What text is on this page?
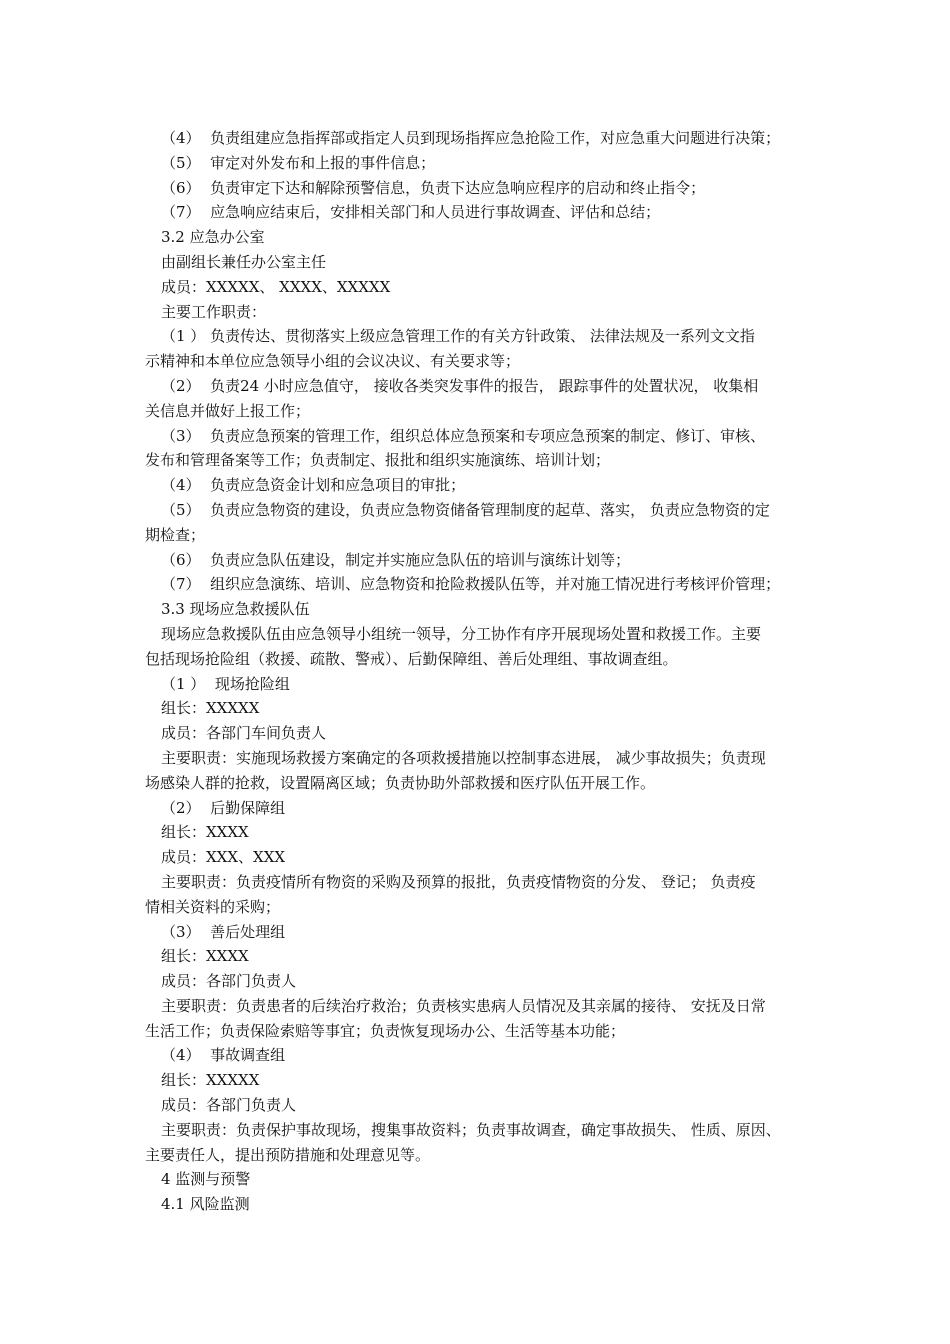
（4）  负责组建应急指挥部或指定人员到现场指挥应急抢险工作，对应急重大问题进行决策；
（5）  审定对外发布和上报的事件信息；
（6）  负责审定下达和解除预警信息，负责下达应急响应程序的启动和终止指令；
（7）  应急响应结束后，安排相关部门和人员进行事故调查、评估和总结；
3.2 应急办公室
由副组长兼任办公室主任
成员：XXXXX、 XXXX、XXXXX
主要工作职责：
（1 ） 负责传达、贯彻落实上级应急管理工作的有关方针政策、 法律法规及一系列文文指
示精神和本单位应急领导小组的会议决议、有关要求等；
（2）  负责24 小时应急值守， 接收各类突发事件的报告， 跟踪事件的处置状况， 收集相
关信息并做好上报工作；
（3）  负责应急预案的管理工作，组织总体应急预案和专项应急预案的制定、修订、审核、
发布和管理备案等工作；负责制定、报批和组织实施演练、培训计划；
（4）  负责应急资金计划和应急项目的审批；
（5）  负责应急物资的建设，负责应急物资储备管理制度的起草、落实， 负责应急物资的定
期检查；
（6）  负责应急队伍建设，制定并实施应急队伍的培训与演练计划等；
（7）  组织应急演练、培训、应急物资和抢险救援队伍等，并对施工情况进行考核评价管理；
3.3 现场应急救援队伍
现场应急救援队伍由应急领导小组统一领导，分工协作有序开展现场处置和救援工作。主要
包括现场抢险组（救援、疏散、警戒）、后勤保障组、善后处理组、事故调查组。
（1 ）  现场抢险组
组长：XXXXX
成员：各部门车间负责人
主要职责：实施现场救援方案确定的各项救援措施以控制事态进展， 减少事故损失；负责现
场感染人群的抢救，设置隔离区域；负责协助外部救援和医疗队伍开展工作。
（2）  后勤保障组
组长：XXXX
成员：XXX、XXX
主要职责：负责疫情所有物资的采购及预算的报批，负责疫情物资的分发、 登记； 负责疫
情相关资料的采购；
（3）  善后处理组
组长：XXXX
成员：各部门负责人
主要职责：负责患者的后续治疗救治；负责核实患病人员情况及其亲属的接待、 安抚及日常
生活工作；负责保险索赔等事宜；负责恢复现场办公、生活等基本功能；
（4）  事故调查组
组长：XXXXX
成员：各部门负责人
主要职责：负责保护事故现场，搜集事故资料；负责事故调查，确定事故损失、 性质、原因、
主要责任人，提出预防措施和处理意见等。
4 监测与预警
4.1 风险监测
